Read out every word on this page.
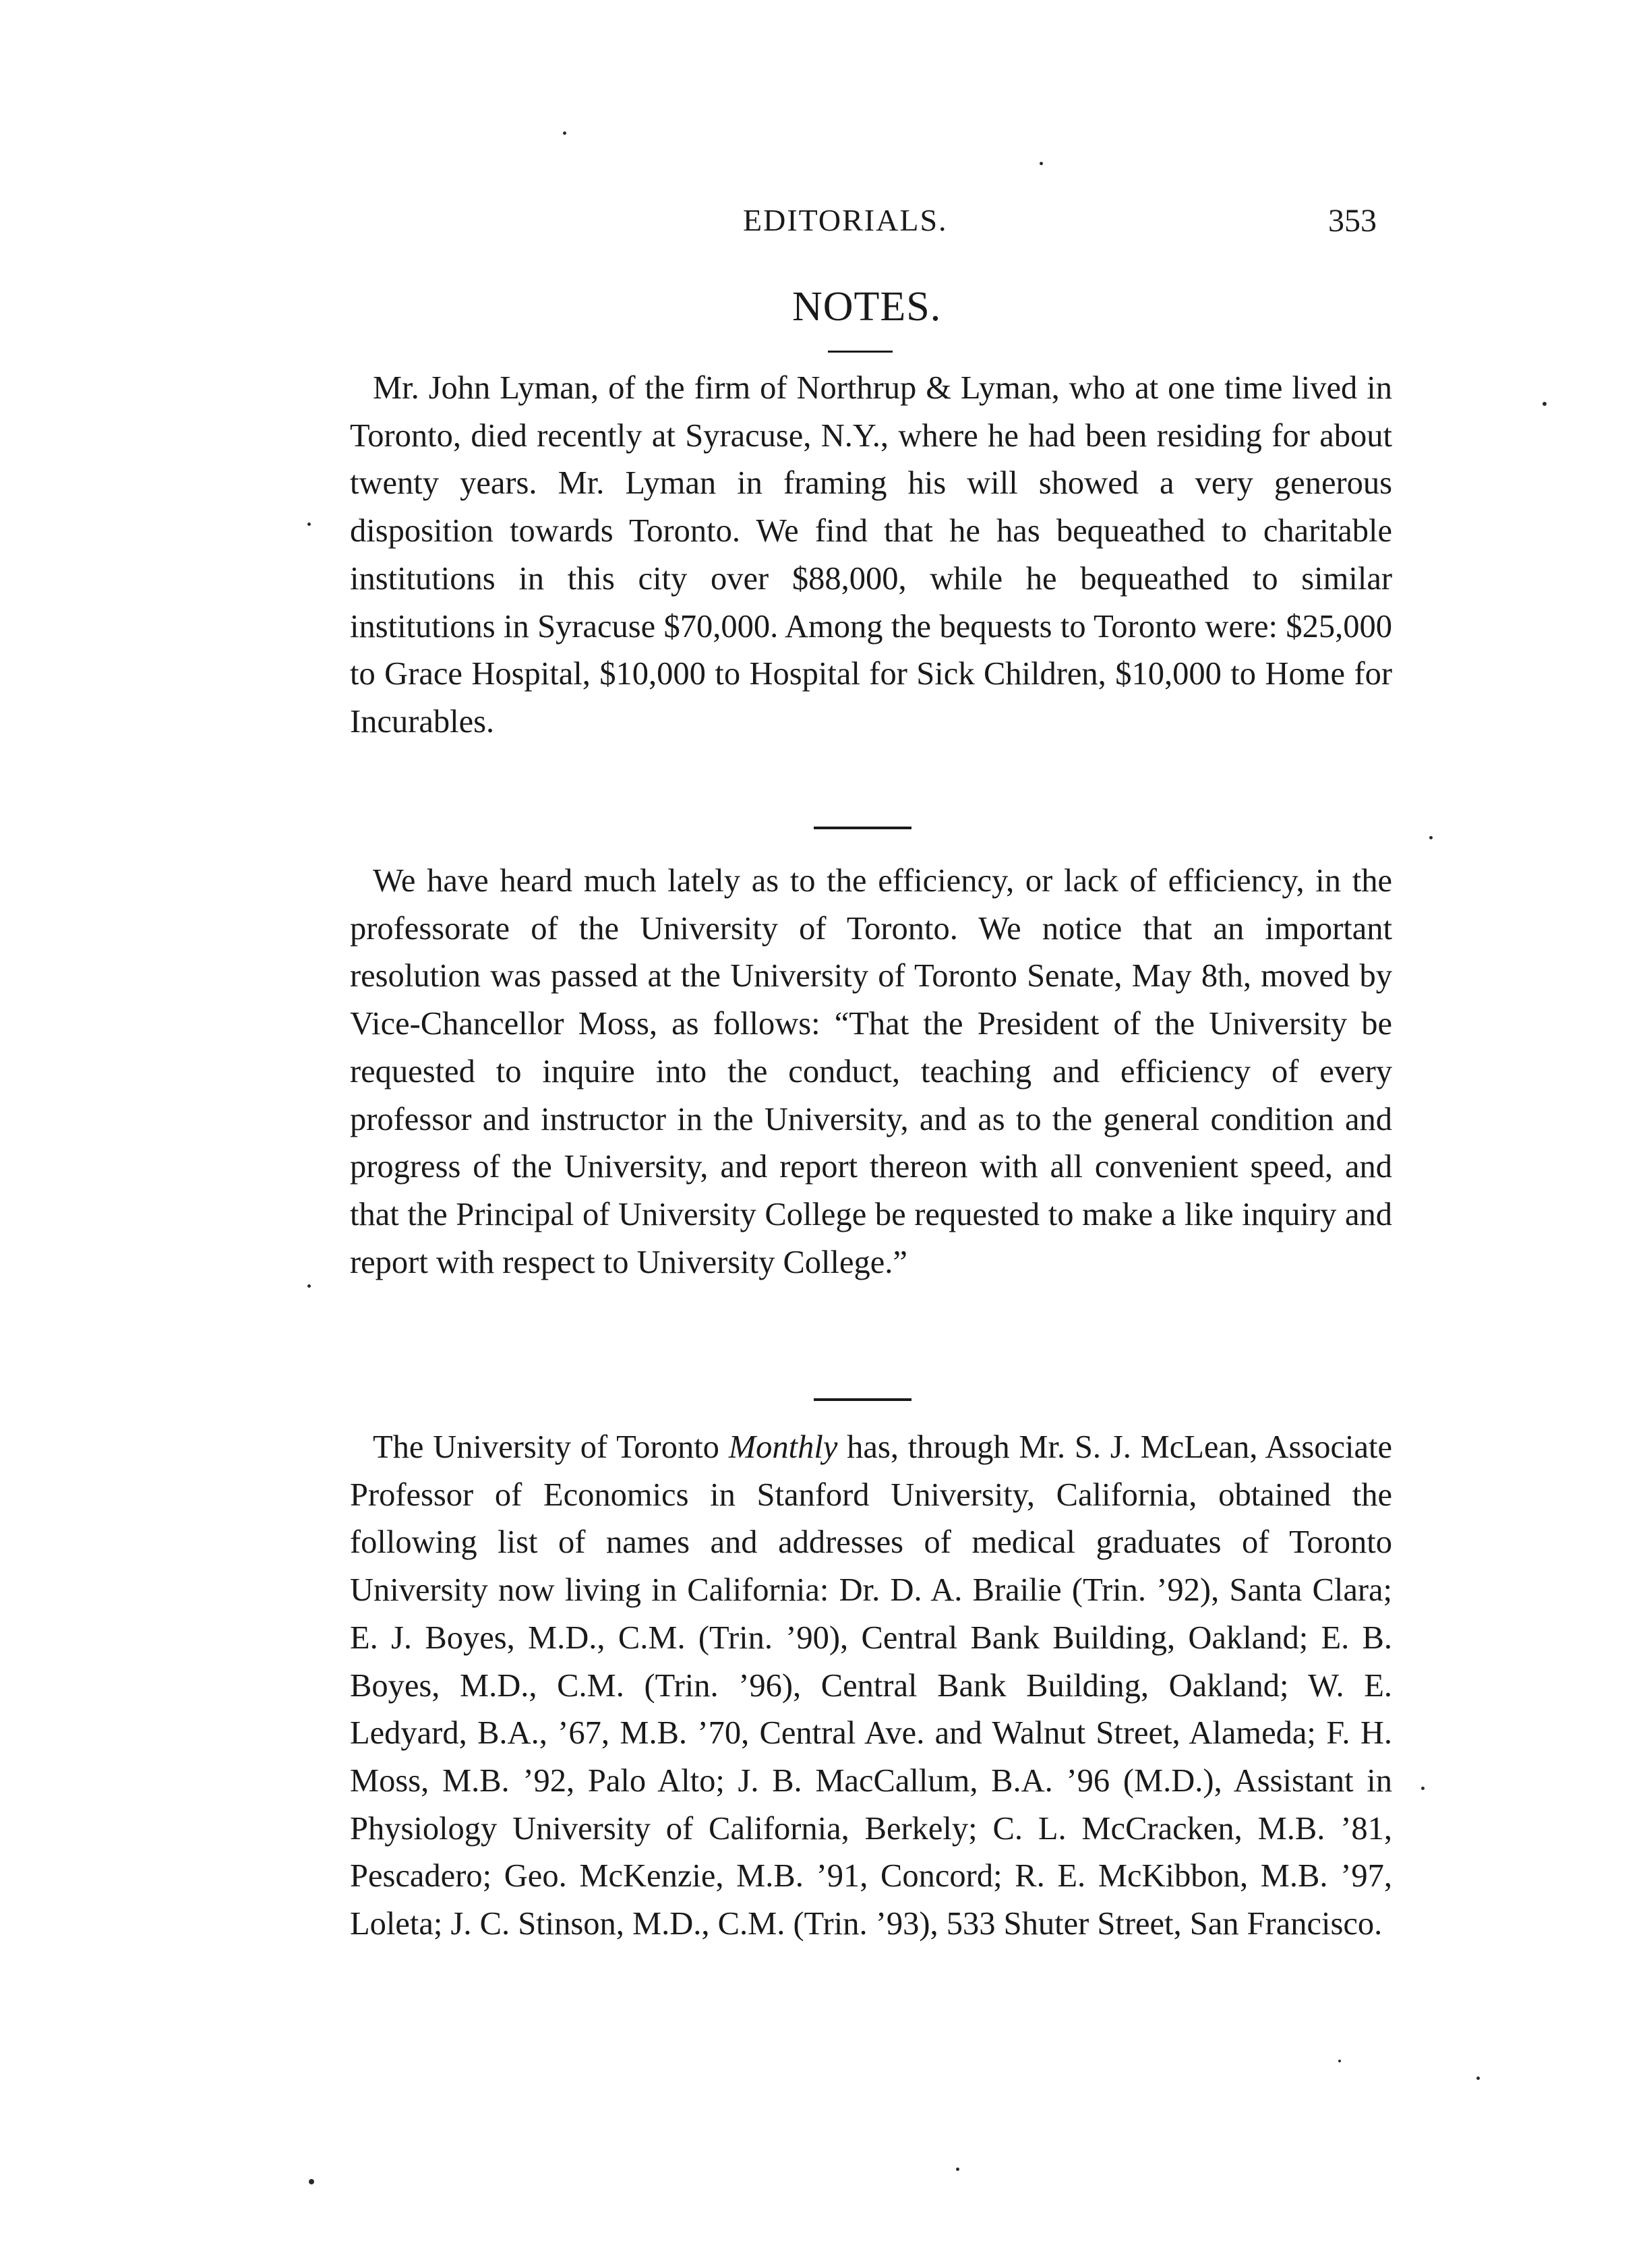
EDITORIALS.	353
NOTES.

Mr. John Lyman, of the firm of Northrup & Lyman, who at one time lived in Toronto, died recently at Syracuse, N.Y., where he had been residing for about twenty years. Mr. Lyman in framing his will showed a very generous disposition towards Toronto. We find that he has bequeathed to charitable institutions in this city over $88,000, while he bequeathed to similar institutions in Syracuse $70,000. Among the bequests to Toronto were: $25,000 to Grace Hospital, $10,000 to Hospital for Sick Children, $10,000 to Home for Incurables.

We have heard much lately as to the efficiency, or lack of efficiency, in the professorate of the University of Toronto. We notice that an important resolution was passed at the University of Toronto Senate, May 8th, moved by Vice-Chancellor Moss, as follows: “That the President of the University be requested to inquire into the conduct, teaching and efficiency of every professor and instructor in the University, and as to the general condition and progress of the University, and report thereon with all convenient speed, and that the Principal of University College be requested to make a like inquiry and report with respect to University College.”

The University of Toronto Monthly has, through Mr. S. J. McLean, Associate Professor of Economics in Stanford University, California, obtained the following list of names and addresses of medical graduates of Toronto University now living in California: Dr. D. A. Brailie (Trin. ’92), Santa Clara; E. J. Boyes, M.D., C.M. (Trin. ’90), Central Bank Building, Oakland; E. B. Boyes, M.D., C.M. (Trin. ’96), Central Bank Building, Oakland; W. E. Ledyard, B.A., ’67, M.B. ’70, Central Ave. and Walnut Street, Alameda; F. H. Moss, M.B. ’92, Palo Alto; J. B. MacCallum, B.A. ’96 (M.D.), Assistant in Physiology University of California, Berkely; C. L. McCracken, M.B. ’81, Pescadero; Geo. McKenzie, M.B. ’91, Concord; R. E. McKibbon, M.B. ’97, Loleta; J. C. Stinson, M.D., C.M. (Trin. ’93), 533 Shuter Street, San Francisco.
